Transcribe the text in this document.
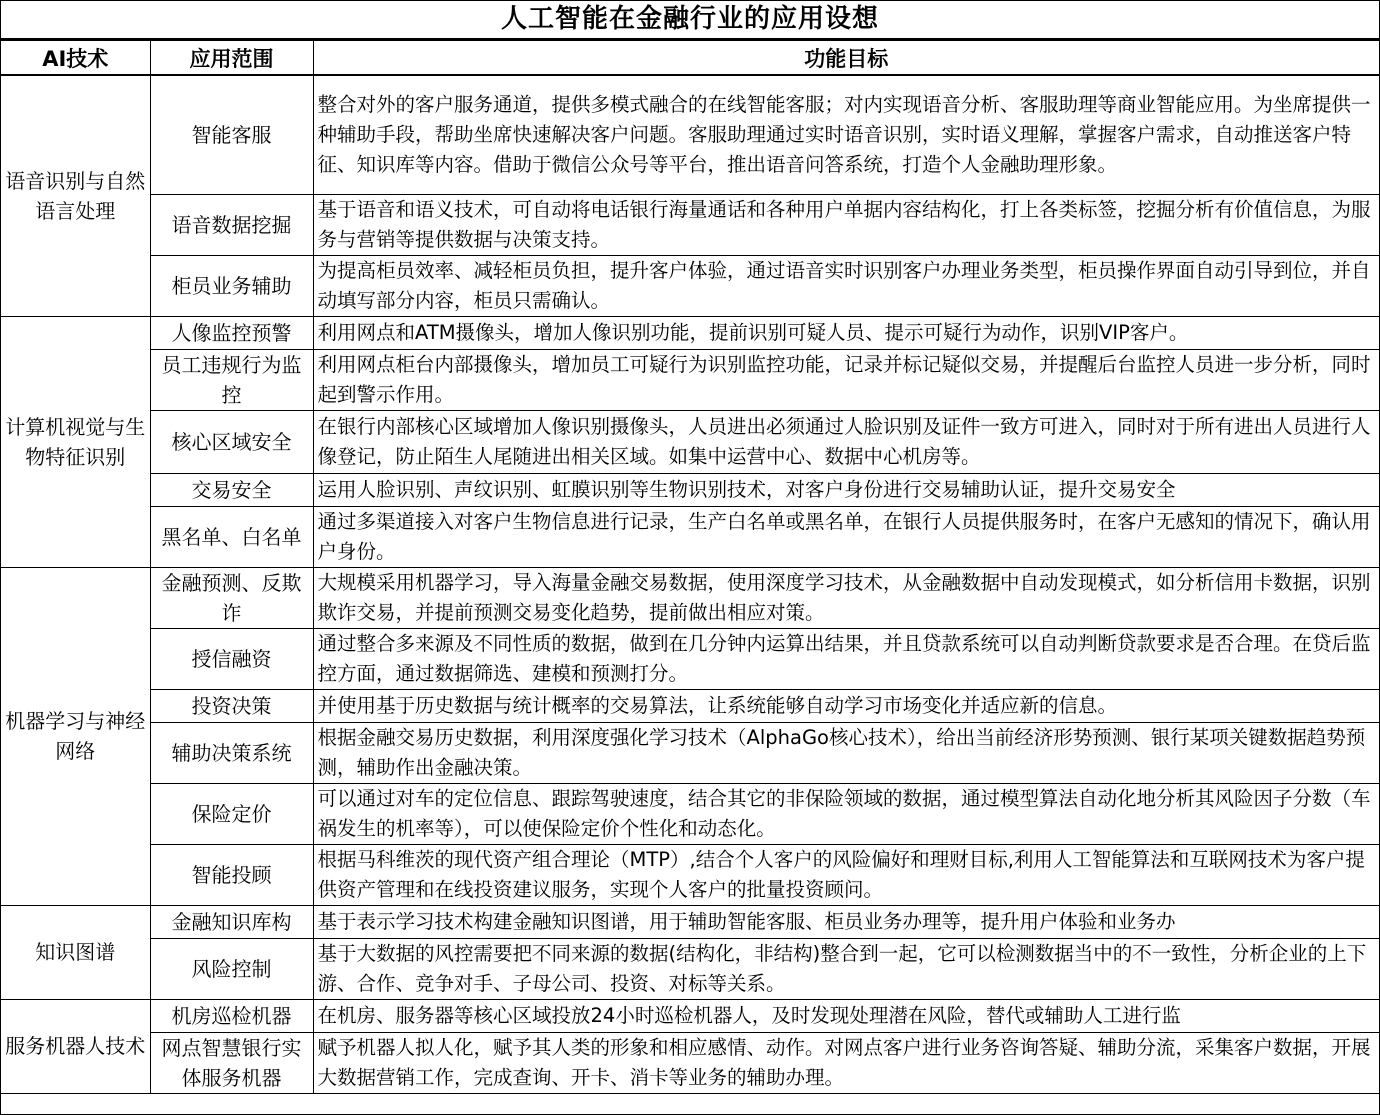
人工智能在金融行业的应用设想
AI技术	应用范围	功能目标
语音识别与自然语言处理	智能客服	整合对外的客户服务通道，提供多模式融合的在线智能客服；对内实现语音分析、客服助理等商业智能应用。为坐席提供一种辅助手段，帮助坐席快速解决客户问题。客服助理通过实时语音识别，实时语义理解，掌握客户需求，自动推送客户特征、知识库等内容。借助于微信公众号等平台，推出语音问答系统，打造个人金融助理形象。
	语音数据挖掘	基于语音和语义技术，可自动将电话银行海量通话和各种用户单据内容结构化，打上各类标签，挖掘分析有价值信息，为服务与营销等提供数据与决策支持。
	柜员业务辅助	为提高柜员效率、减轻柜员负担，提升客户体验，通过语音实时识别客户办理业务类型，柜员操作界面自动引导到位，并自动填写部分内容，柜员只需确认。
计算机视觉与生物特征识别	人像监控预警	利用网点和ATM摄像头，增加人像识别功能，提前识别可疑人员、提示可疑行为动作，识别VIP客户。
	员工违规行为监控	利用网点柜台内部摄像头，增加员工可疑行为识别监控功能，记录并标记疑似交易，并提醒后台监控人员进一步分析，同时起到警示作用。
	核心区域安全	在银行内部核心区域增加人像识别摄像头，人员进出必须通过人脸识别及证件一致方可进入，同时对于所有进出人员进行人像登记，防止陌生人尾随进出相关区域。如集中运营中心、数据中心机房等。
	交易安全	运用人脸识别、声纹识别、虹膜识别等生物识别技术，对客户身份进行交易辅助认证，提升交易安全
	黑名单、白名单	通过多渠道接入对客户生物信息进行记录，生产白名单或黑名单，在银行人员提供服务时，在客户无感知的情况下，确认用户身份。
机器学习与神经网络	金融预测、反欺诈	大规模采用机器学习，导入海量金融交易数据，使用深度学习技术，从金融数据中自动发现模式，如分析信用卡数据，识别欺诈交易，并提前预测交易变化趋势，提前做出相应对策。
	授信融资	通过整合多来源及不同性质的数据，做到在几分钟内运算出结果，并且贷款系统可以自动判断贷款要求是否合理。在贷后监控方面，通过数据筛选、建模和预测打分。
	投资决策	并使用基于历史数据与统计概率的交易算法，让系统能够自动学习市场变化并适应新的信息。
	辅助决策系统	根据金融交易历史数据，利用深度强化学习技术（AlphaGo核心技术），给出当前经济形势预测、银行某项关键数据趋势预测，辅助作出金融决策。
	保险定价	可以通过对车的定位信息、跟踪驾驶速度，结合其它的非保险领域的数据，通过模型算法自动化地分析其风险因子分数（车祸发生的机率等），可以使保险定价个性化和动态化。
	智能投顾	根据马科维茨的现代资产组合理论（MTP）,结合个人客户的风险偏好和理财目标,利用人工智能算法和互联网技术为客户提供资产管理和在线投资建议服务，实现个人客户的批量投资顾问。
知识图谱	金融知识库构	基于表示学习技术构建金融知识图谱，用于辅助智能客服、柜员业务办理等，提升用户体验和业务办
	风险控制	基于大数据的风控需要把不同来源的数据(结构化，非结构)整合到一起，它可以检测数据当中的不一致性，分析企业的上下游、合作、竞争对手、子母公司、投资、对标等关系。
服务机器人技术	机房巡检机器	在机房、服务器等核心区域投放24小时巡检机器人，及时发现处理潜在风险，替代或辅助人工进行监
	网点智慧银行实体服务机器	赋予机器人拟人化，赋予其人类的形象和相应感情、动作。对网点客户进行业务咨询答疑、辅助分流，采集客户数据，开展大数据营销工作，完成查询、开卡、消卡等业务的辅助办理。
